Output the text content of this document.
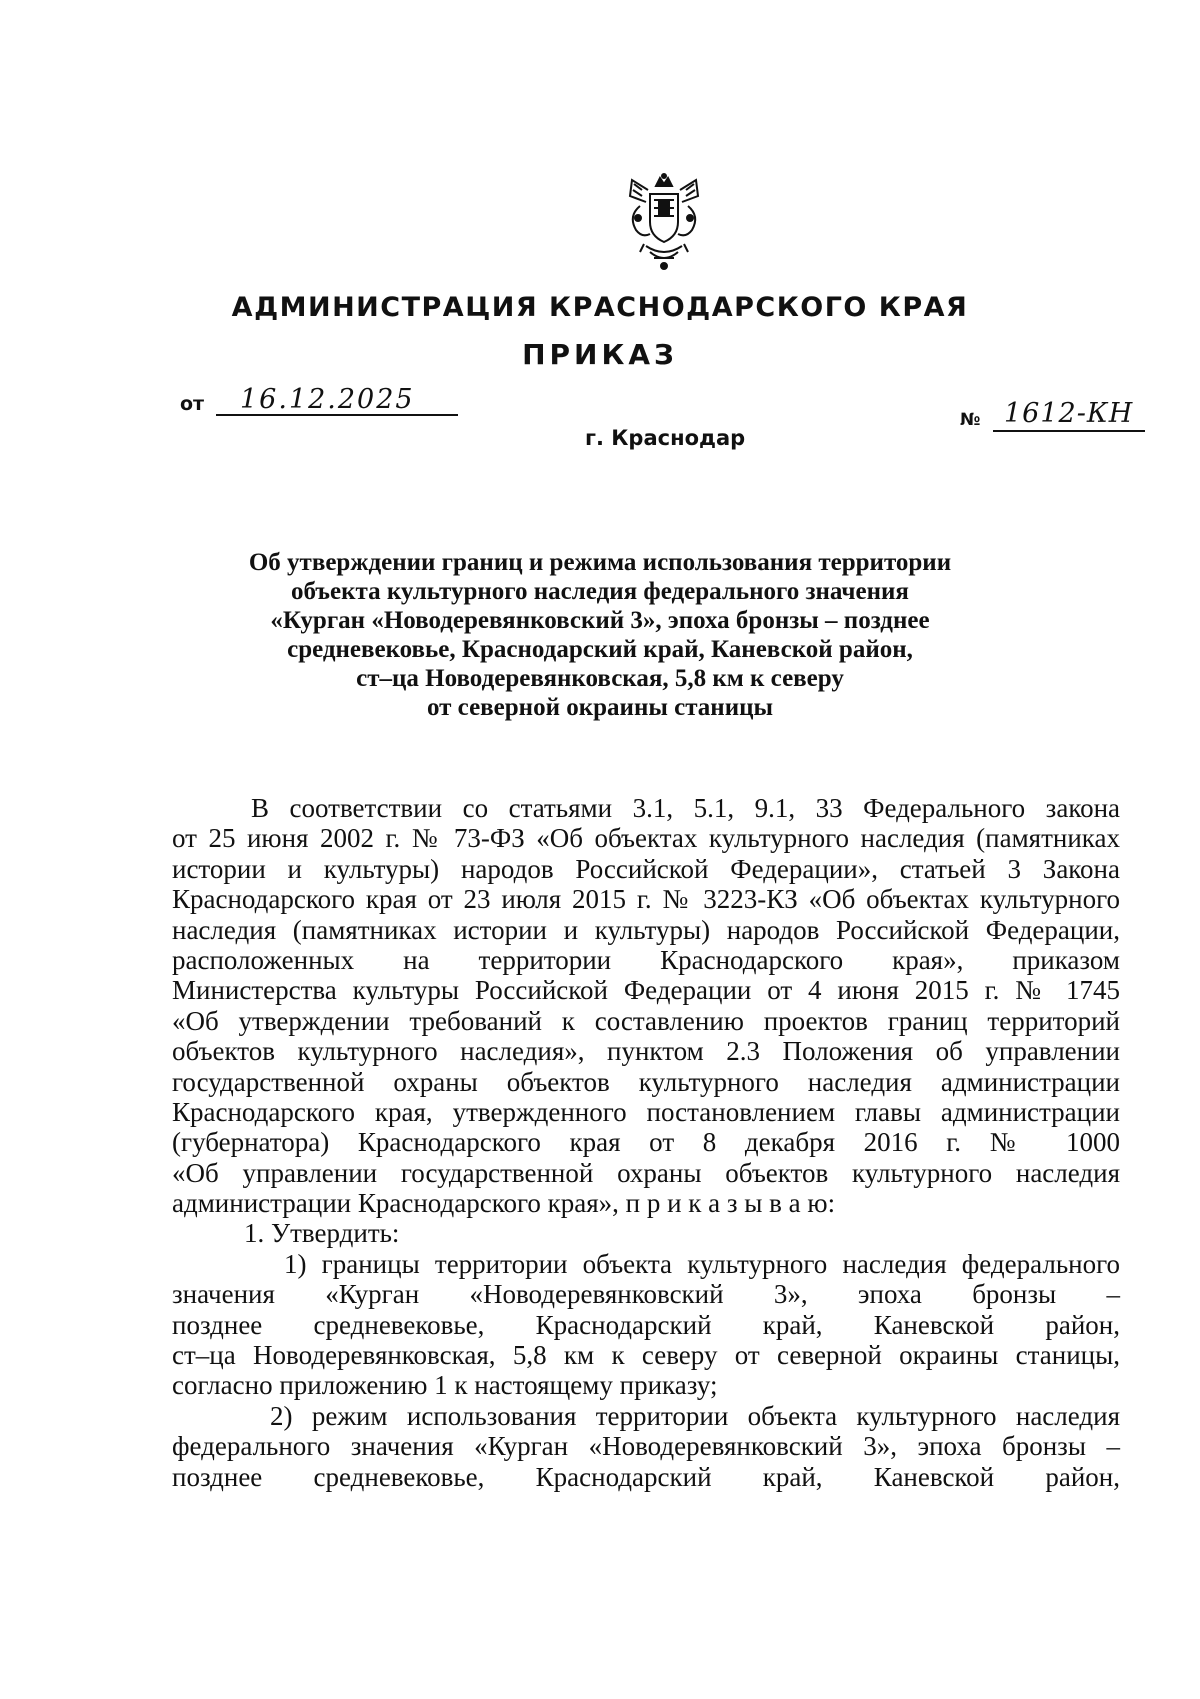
АДМИНИСТРАЦИЯ КРАСНОДАРСКОГО КРАЯ
ПРИКАЗ
от 16.12.2025
г. Краснодар
№ 1612-КН
Об утверждении границ и режима использования территории
объекта культурного наследия федерального значения
«Курган «Новодеревянковский 3», эпоха бронзы – позднее
средневековье, Краснодарский край, Каневской район,
ст–ца Новодеревянковская, 5,8 км к северу
от северной окраины станицы
В соответствии со статьями 3.1, 5.1, 9.1, 33 Федерального закона
от 25 июня 2002 г. № 73-ФЗ «Об объектах культурного наследия (памятниках
истории и культуры) народов Российской Федерации», статьей 3 Закона
Краснодарского края от 23 июля 2015 г. № 3223-КЗ «Об объектах культурного
наследия (памятниках истории и культуры) народов Российской Федерации,
расположенных на территории Краснодарского края», приказом
Министерства культуры Российской Федерации от 4 июня 2015 г. № 1745
«Об утверждении требований к составлению проектов границ территорий
объектов культурного наследия», пунктом 2.3 Положения об управлении
государственной охраны объектов культурного наследия администрации
Краснодарского края, утвержденного постановлением главы администрации
(губернатора) Краснодарского края от 8 декабря 2016 г. № 1000
«Об управлении государственной охраны объектов культурного наследия
администрации Краснодарского края», п р и к а з ы в а ю:
1. Утвердить:
1) границы территории объекта культурного наследия федерального
значения «Курган «Новодеревянковский 3», эпоха бронзы –
позднее средневековье, Краснодарский край, Каневской район,
ст–ца Новодеревянковская, 5,8 км к северу от северной окраины станицы,
согласно приложению 1 к настоящему приказу;
2) режим использования территории объекта культурного наследия
федерального значения «Курган «Новодеревянковский 3», эпоха бронзы –
позднее средневековье, Краснодарский край, Каневской район,
